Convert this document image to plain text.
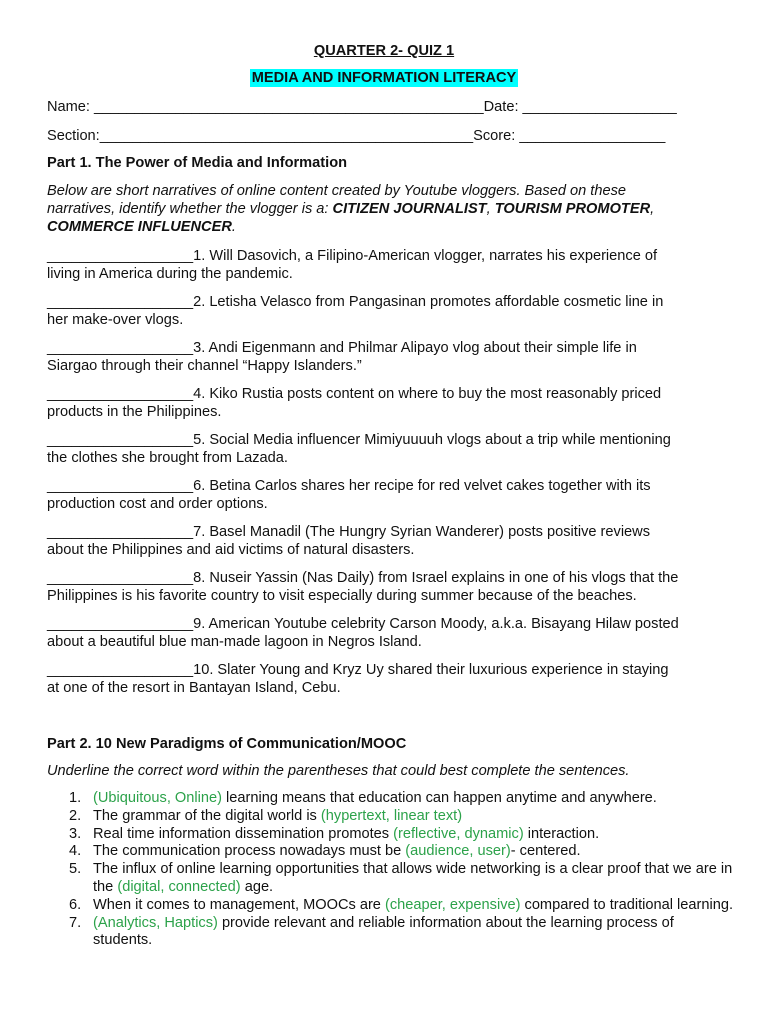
QUARTER 2- QUIZ 1
MEDIA AND INFORMATION LITERACY
Name: ________________________________________________Date: ___________________
Section:______________________________________________Score: __________________
Part 1. The Power of Media and Information
Below are short narratives of online content created by Youtube vloggers. Based on these
narratives, identify whether the vlogger is a: CITIZEN JOURNALIST, TOURISM PROMOTER,
COMMERCE INFLUENCER.
__________________1. Will Dasovich, a Filipino-American vlogger, narrates his experience of
living in America during the pandemic.
__________________2. Letisha Velasco from Pangasinan promotes affordable cosmetic line in
her make-over vlogs.
__________________3. Andi Eigenmann and Philmar Alipayo vlog about their simple life in
Siargao through their channel “Happy Islanders.”
__________________4. Kiko Rustia posts content on where to buy the most reasonably priced
products in the Philippines.
__________________5. Social Media influencer Mimiyuuuuh vlogs about a trip while mentioning
the clothes she brought from Lazada.
__________________6. Betina Carlos shares her recipe for red velvet cakes together with its
production cost and order options.
__________________7. Basel Manadil (The Hungry Syrian Wanderer) posts positive reviews
about the Philippines and aid victims of natural disasters.
__________________8. Nuseir Yassin (Nas Daily) from Israel explains in one of his vlogs that the
Philippines is his favorite country to visit especially during summer because of the beaches.
__________________9. American Youtube celebrity Carson Moody, a.k.a. Bisayang Hilaw posted
about a beautiful blue man-made lagoon in Negros Island.
__________________10. Slater Young and Kryz Uy shared their luxurious experience in staying
at one of the resort in Bantayan Island, Cebu.
Part 2. 10 New Paradigms of Communication/MOOC
Underline the correct word within the parentheses that could best complete the sentences.
1. (Ubiquitous, Online) learning means that education can happen anytime and anywhere.
2. The grammar of the digital world is (hypertext, linear text)
3. Real time information dissemination promotes (reflective, dynamic) interaction.
4. The communication process nowadays must be (audience, user)- centered.
5. The influx of online learning opportunities that allows wide networking is a clear proof that we are in the (digital, connected) age.
6. When it comes to management, MOOCs are (cheaper, expensive) compared to traditional learning.
7. (Analytics, Haptics) provide relevant and reliable information about the learning process of students.
